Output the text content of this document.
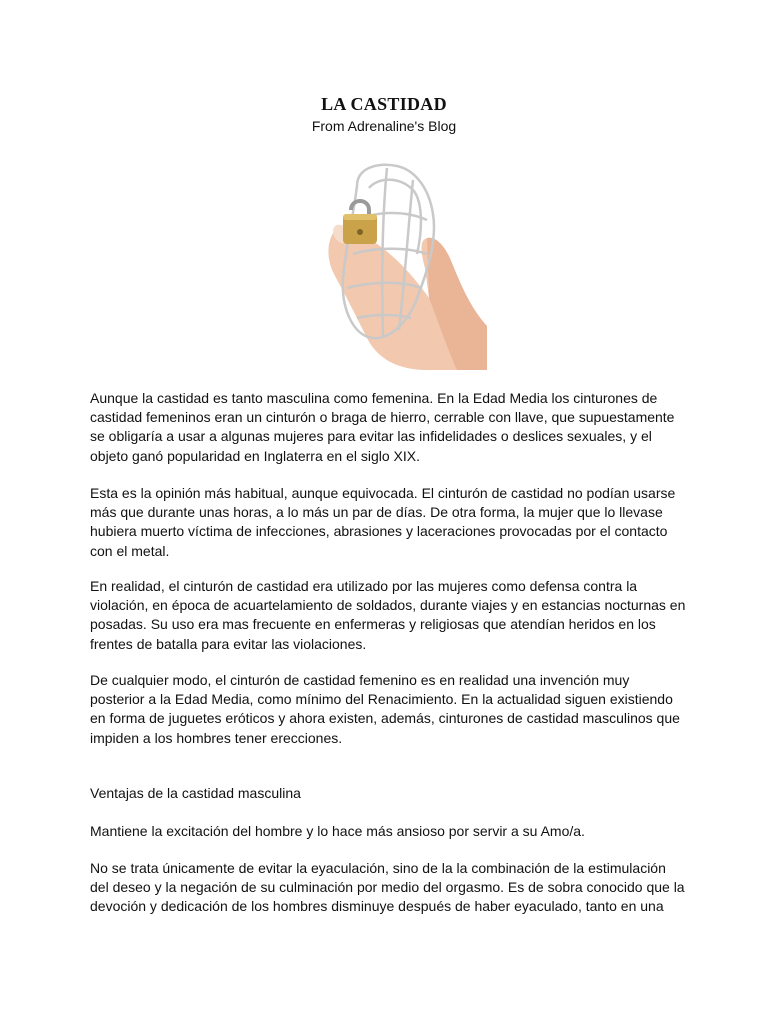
LA CASTIDAD
From Adrenaline's Blog

Aunque la castidad es tanto masculina como femenina. En la Edad Media los cinturones de
castidad femeninos eran un cinturón o braga de hierro, cerrable con llave, que supuestamente
se obligaría a usar a algunas mujeres para evitar las infidelidades o deslices sexuales, y el
objeto ganó popularidad en Inglaterra en el siglo XIX.

Esta es la opinión más habitual, aunque equivocada. El cinturón de castidad no podían usarse
más que durante unas horas, a lo más un par de días. De otra forma, la mujer que lo llevase
hubiera muerto víctima de infecciones, abrasiones y laceraciones provocadas por el contacto
con el metal.

En realidad, el cinturón de castidad era utilizado por las mujeres como defensa contra la
violación, en época de acuartelamiento de soldados, durante viajes y en estancias nocturnas en
posadas. Su uso era mas frecuente en enfermeras y religiosas que atendían heridos en los
frentes de batalla para evitar las violaciones.

De cualquier modo, el cinturón de castidad femenino es en realidad una invención muy
posterior a la Edad Media, como mínimo del Renacimiento. En la actualidad siguen existiendo
en forma de juguetes eróticos y ahora existen, además, cinturones de castidad masculinos que
impiden a los hombres tener erecciones.

Ventajas de la castidad masculina

Mantiene la excitación del hombre y lo hace más ansioso por servir a su Amo/a.

No se trata únicamente de evitar la eyaculación, sino de la la combinación de la estimulación
del deseo y la negación de su culminación por medio del orgasmo. Es de sobra conocido que la
devoción y dedicación de los hombres disminuye después de haber eyaculado, tanto en una
